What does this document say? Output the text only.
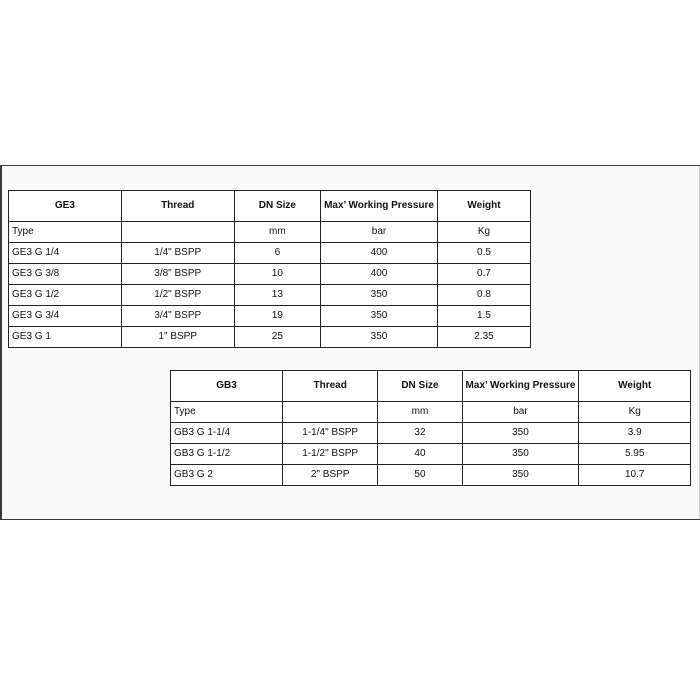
GE3	Thread	DN Size	Max’ Working Pressure	Weight
Type		mm	bar	Kg
GE3 G 1/4	1/4" BSPP	6	400	0.5
GE3 G 3/8	3/8" BSPP	10	400	0.7
GE3 G 1/2	1/2" BSPP	13	350	0.8
GE3 G 3/4	3/4" BSPP	19	350	1.5
GE3 G 1	1" BSPP	25	350	2.35
GB3	Thread	DN Size	Max’ Working Pressure	Weight
Type		mm	bar	Kg
GB3 G 1-1/4	1-1/4" BSPP	32	350	3.9
GB3 G 1-1/2	1-1/2" BSPP	40	350	5.95
GB3 G 2	2" BSPP	50	350	10.7
